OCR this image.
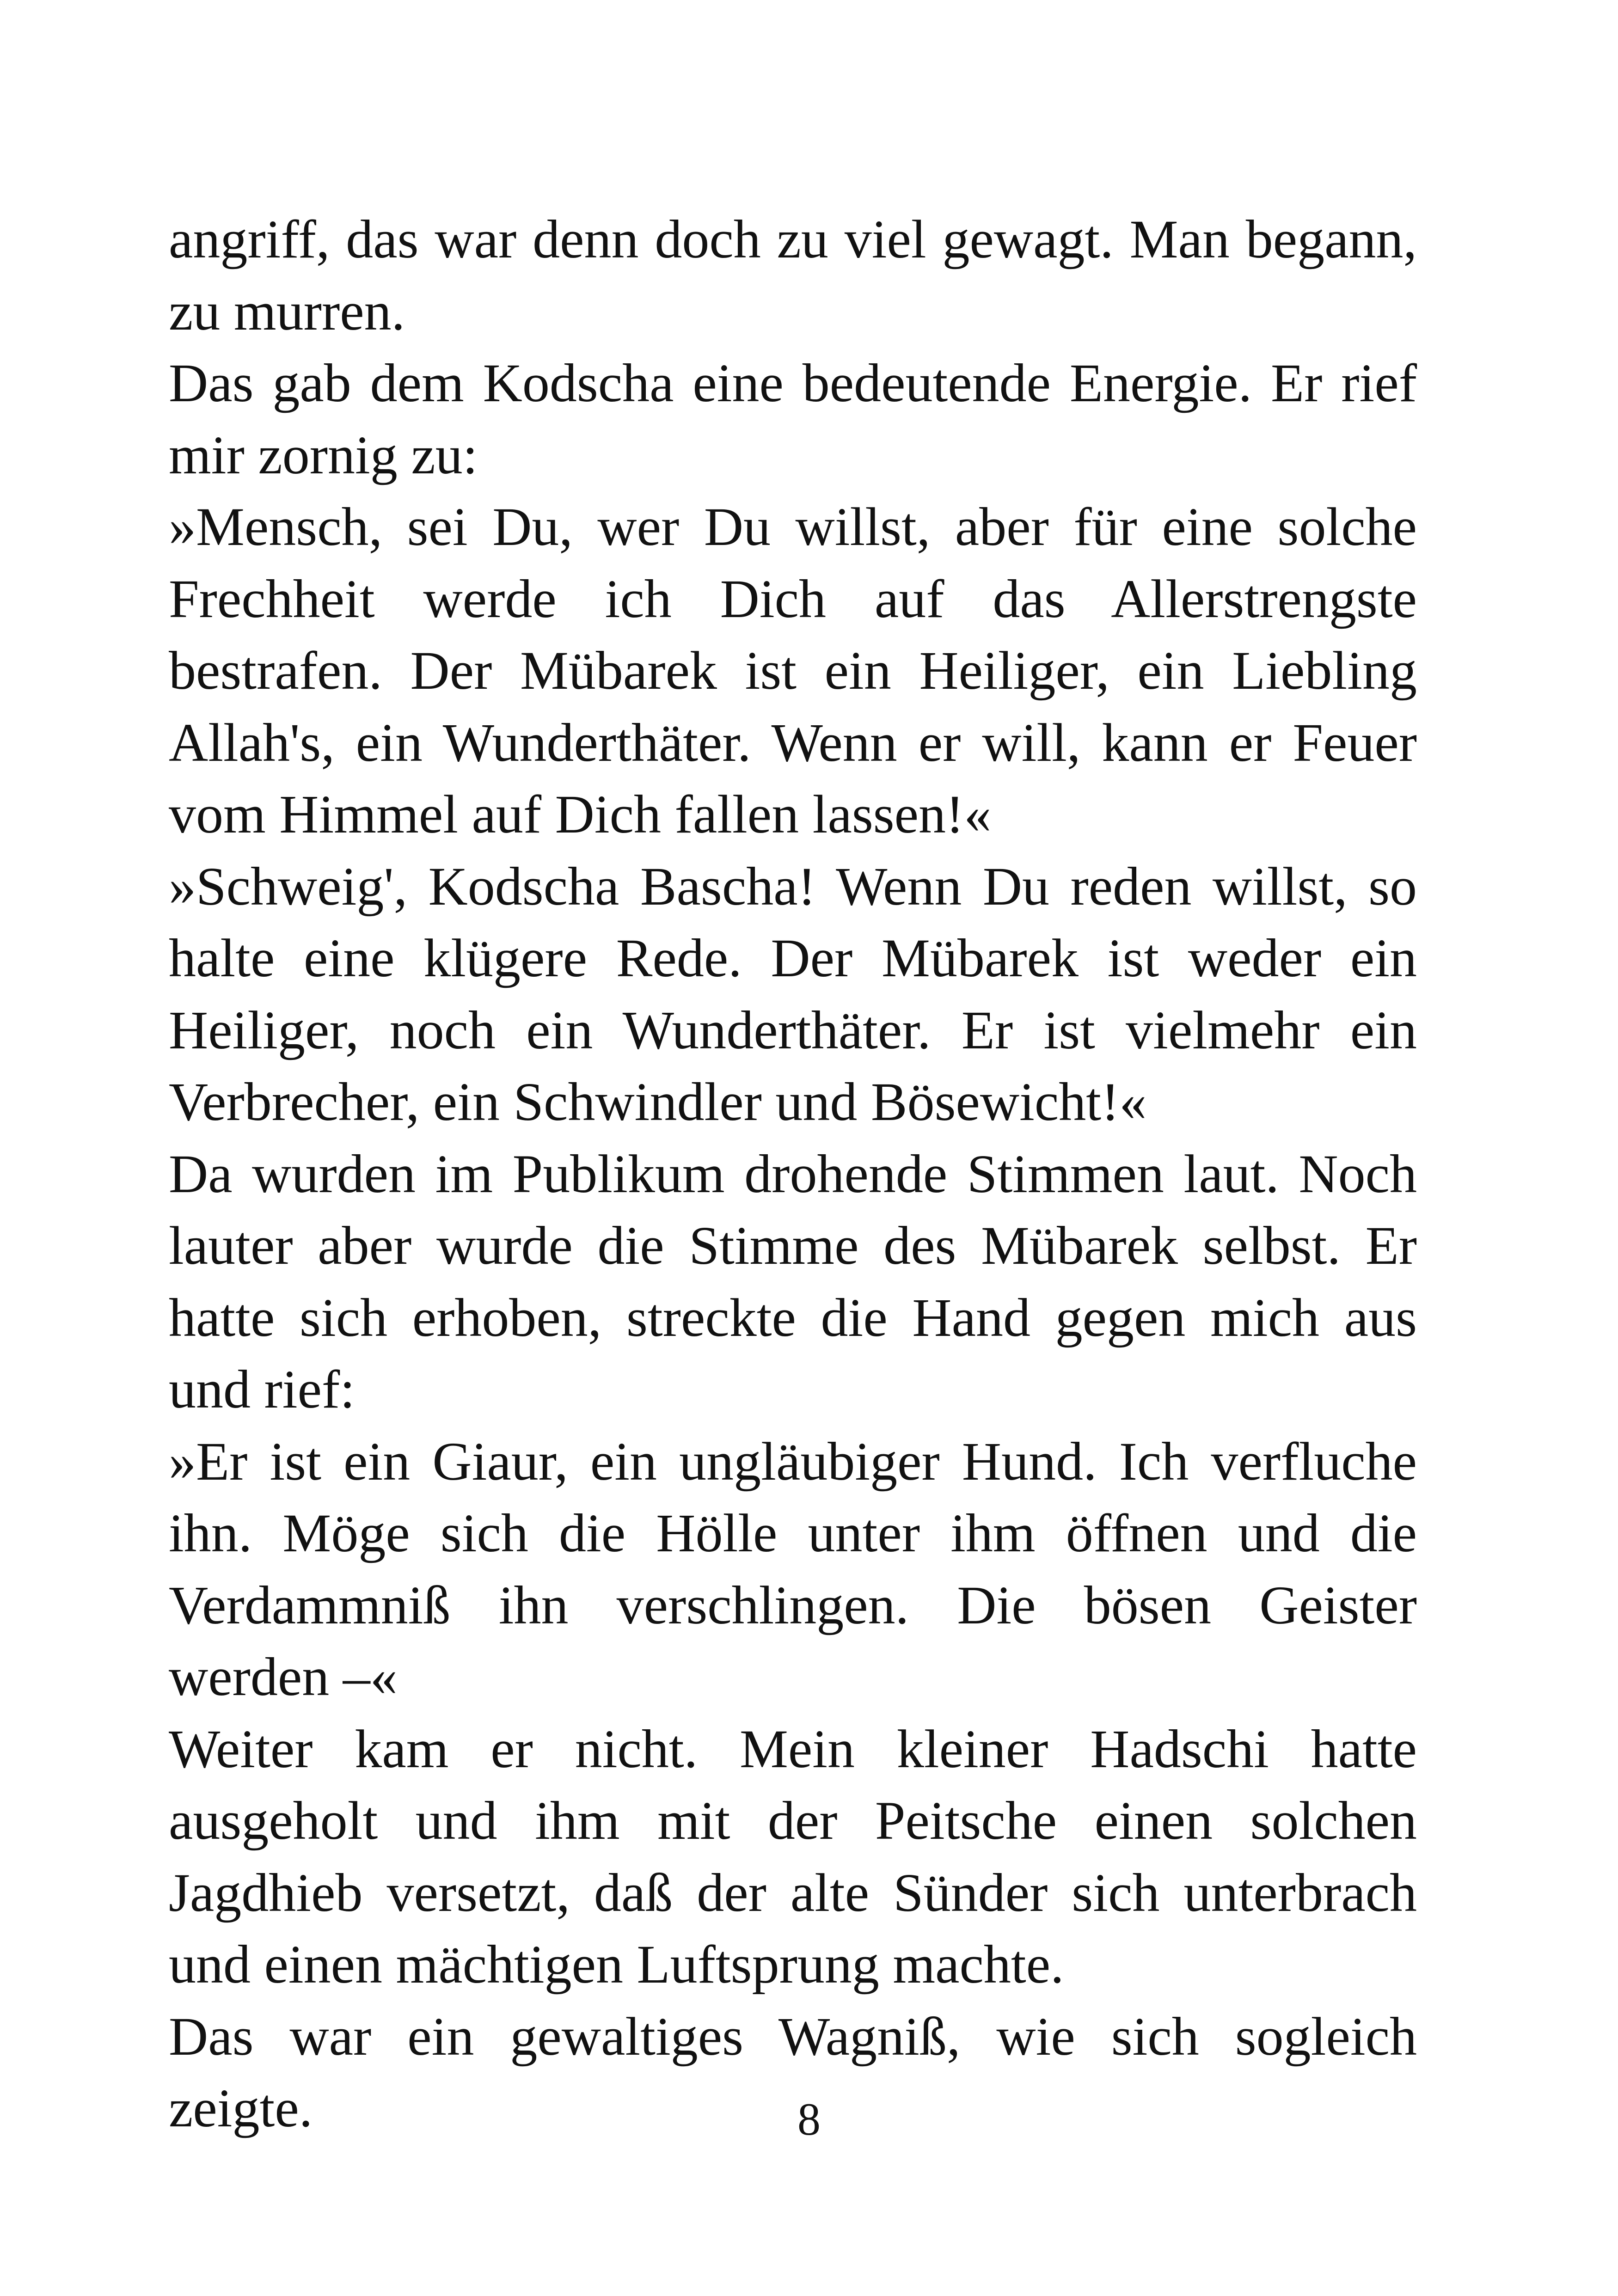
angriff, das war denn doch zu viel gewagt. Man begann, zu murren.

Das gab dem Kodscha eine bedeutende Energie. Er rief mir zornig zu:

»Mensch, sei Du, wer Du willst, aber für eine solche Frechheit werde ich Dich auf das Allerstrengste bestrafen. Der Mübarek ist ein Heiliger, ein Liebling Allah's, ein Wunderthäter. Wenn er will, kann er Feuer vom Himmel auf Dich fallen lassen!«

»Schweig', Kodscha Bascha! Wenn Du reden willst, so halte eine klügere Rede. Der Mübarek ist weder ein Heiliger, noch ein Wunderthäter. Er ist vielmehr ein Verbrecher, ein Schwindler und Bösewicht!«

Da wurden im Publikum drohende Stimmen laut. Noch lauter aber wurde die Stimme des Mübarek selbst. Er hatte sich erhoben, streckte die Hand gegen mich aus und rief:

»Er ist ein Giaur, ein ungläubiger Hund. Ich verfluche ihn. Möge sich die Hölle unter ihm öffnen und die Verdammniß ihn verschlingen. Die bösen Geister werden –«

Weiter kam er nicht. Mein kleiner Hadschi hatte ausgeholt und ihm mit der Peitsche einen solchen Jagdhieb versetzt, daß der alte Sünder sich unterbrach und einen mächtigen Luftsprung machte.

Das war ein gewaltiges Wagniß, wie sich sogleich zeigte.	8
